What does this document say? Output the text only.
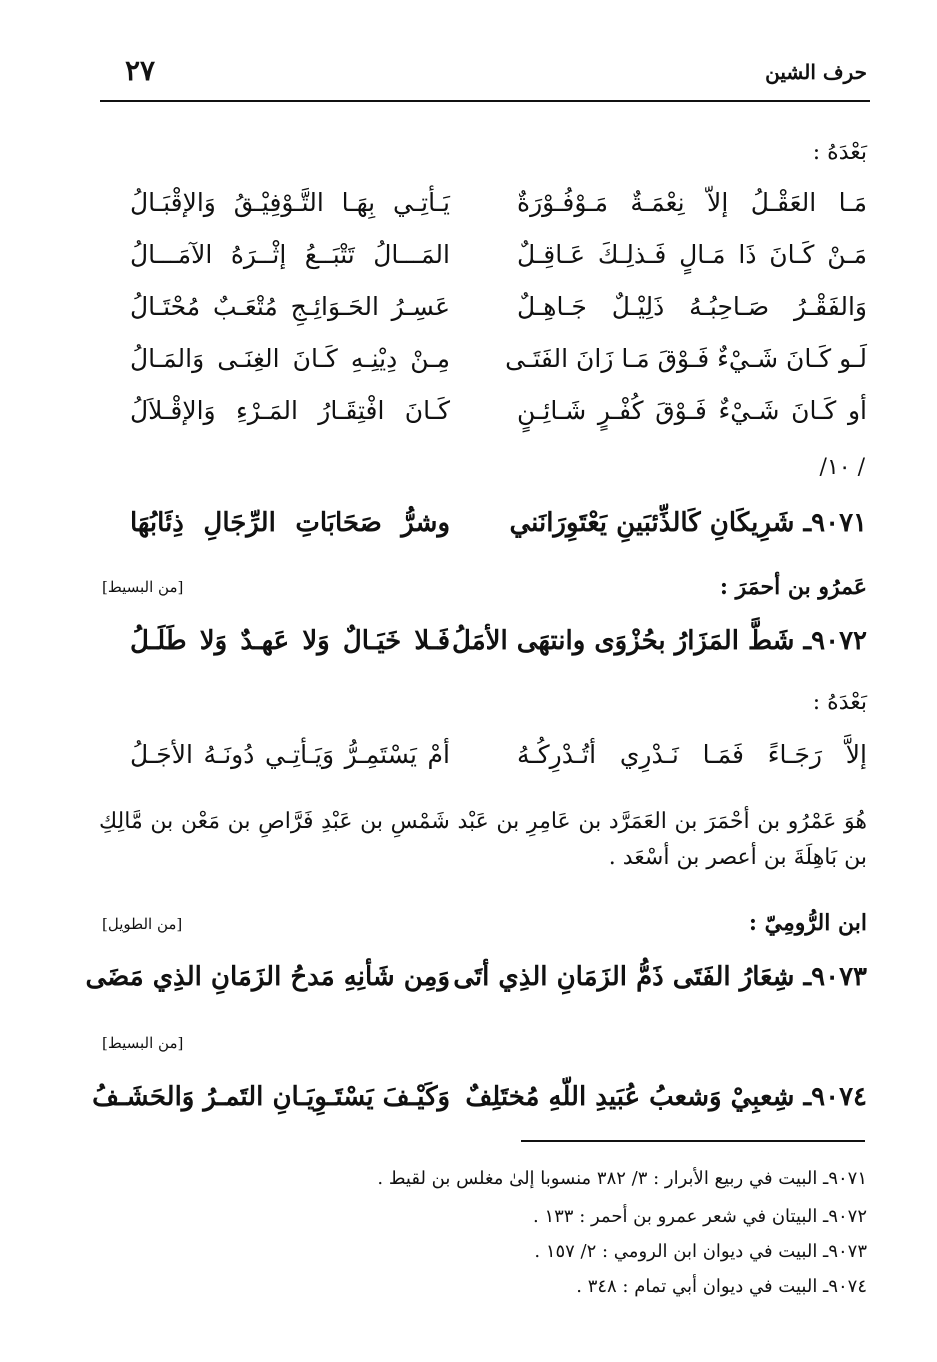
حرف الشين
٢٧
بَعْدَهُ :
مَـا العَقْـلُ إلاّ نِعْمَـةٌ مَـوْفُـوْرَةٌ
يَـأتِـي بِهَـا التَّـوْفِيْـقُ وَالإقْبَـالُ
مَـنْ كَـانَ ذَا مَـالٍ فَـذلِـكَ عَـاقِـلٌ
المَـــالُ تَتْبَــعُ إثْــرَهُ الآمَـــالُ
وَالفَقْـرُ صَـاحِبُـهُ ذَلِيْـلٌ جَـاهِـلٌ
عَسِـرُ الحَـوَائِـجِ مُتْعَـبٌ مُحْتَـالُ
لَـو كَـانَ شَـيْءٌ فَـوْقَ مَـا زَانَ الفَتَـى
مِـنْ دِيْنِـهِ كَـانَ الغِنَـى وَالمَـالُ
أو كَـانَ شَـيْءٌ فَـوْقَ كُفْـرٍ شَـائِـنٍ
كَـانَ افْتِقَـارُ المَـرْءِ وَالإقْـلاَلُ
/ ١٠/
٩٠٧١ـ شَرِيكَانِ كَالذِّئبَينِ يَعْتَوِرَانَني
وشرُّ صَحَابَاتِ الرِّجَالِ ذِئَابُهَا
[من البسيط]	عَمرُو بن أحمَرَ :
٩٠٧٢ـ شَطَّ المَزَارُ بحُزْوَى وانتهَى الأمَلُ
فَـلا خَيَـالٌ وَلا عَهـدٌ وَلا طَلَـلُ
بَعْدَهُ :
إلاَّ رَجَـاءً فَمَـا نَـدْرِي أتُـدْرِكُـهُ
أمْ يَسْتَمِـرُّ وَيَـأتِـي دُونَـهُ الأجَـلُ
هُوَ عَمْرُو بن أحْمَرَ بن العَمَرَّد بن عَامِرِ بن عَبْد شَمْسِ بن عَبْدِ فَرَّاصِ بن مَعْن بن مَّالِكِ بن بَاهِلَةَ بن أعصر بن أسْعَد .
[من الطويل]	ابن الرُّومِيّ :
٩٠٧٣ـ شِعَارُ الفَتَى ذَمُّ الزَمَانِ الذِي أتَى
وَمِن شَأنِهِ مَدحُ الزَمَانِ الذِي مَضَى
[من البسيط]
٩٠٧٤ـ شِعبِيْ وَشعبُ عُبَيدِ اللّهِ مُختَلِفٌ
وَكَيْـفَ يَسْتَـوِيَـانِ التَمـرُ وَالحَشَـفُ
٩٠٧١ـ البيت في ربيع الأبرار : ٣/ ٣٨٢ منسوبا إلىٰ مغلس بن لقيط .
٩٠٧٢ـ البيتان في شعر عمرو بن أحمر : ١٣٣ .
٩٠٧٣ـ البيت في ديوان ابن الرومي : ٢/ ١٥٧ .
٩٠٧٤ـ البيت في ديوان أبي تمام : ٣٤٨ .
